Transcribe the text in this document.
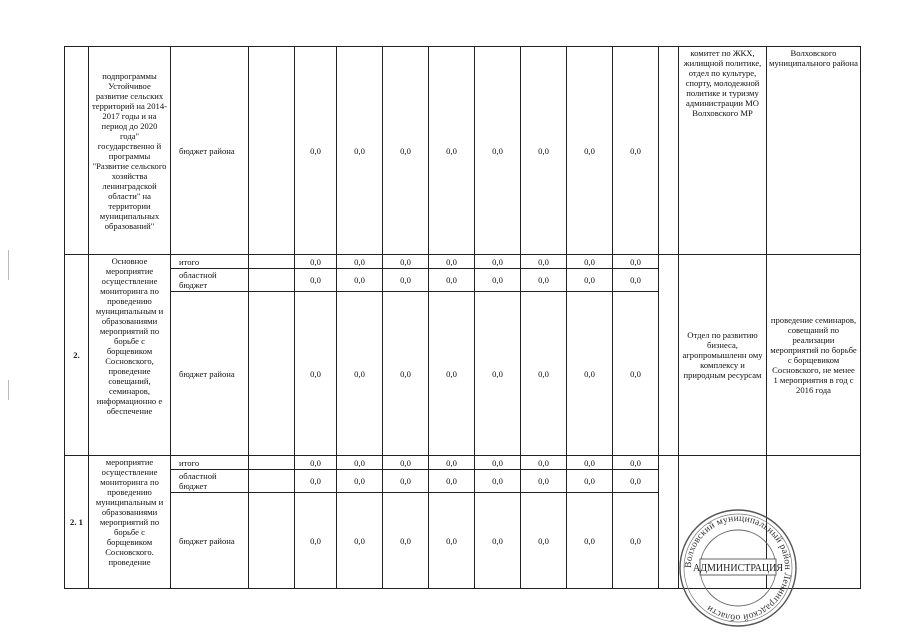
	подпрограммы Устойчивое развитие сельских территорий на 2014-2017 годы и на период до 2020 года" государственно й программы "Развитие сельского хозяйства ленинградской области" на территории муниципальных образований"	бюджет района		0,0	0,0	0,0	0,0	0,0	0,0	0,0	0,0		комитет по ЖКХ, жилищной политике, отдел по культуре, спорту, молодежной политике и туризму администрации МО Волховского МР	Волховского муниципального района
2.	Основное мероприятие осуществление мониторинга по проведению муниципальным и образованиями мероприятий по борьбе с борщевиком Сосновского, проведение совещаний, семинаров, информационно е обеспечение	итого		0,0	0,0	0,0	0,0	0,0	0,0	0,0	0,0		Отдел по развитию бизнеса, агропромышленн ому комплексу и природным ресурсам	проведение семинаров, совещаний по реализации мероприятий по борьбе с борщевиком Сосновского, не менее 1 мероприятия в год с 2016 года
		областной бюджет		0,0	0,0	0,0	0,0	0,0	0,0	0,0	0,0			
		бюджет района		0,0	0,0	0,0	0,0	0,0	0,0	0,0	0,0			
2. 1	мероприятие осуществление мониторинга по проведению муниципальным и образованиями мероприятий по борьбе с борщевиком Сосновского. проведение	итого		0,0	0,0	0,0	0,0	0,0	0,0	0,0	0,0			
		областной бюджет		0,0	0,0	0,0	0,0	0,0	0,0	0,0	0,0			
		бюджет района		0,0	0,0	0,0	0,0	0,0	0,0	0,0	0,0			
Волховский муниципальный район Ленинградской области
АДМИНИСТРАЦИЯ
